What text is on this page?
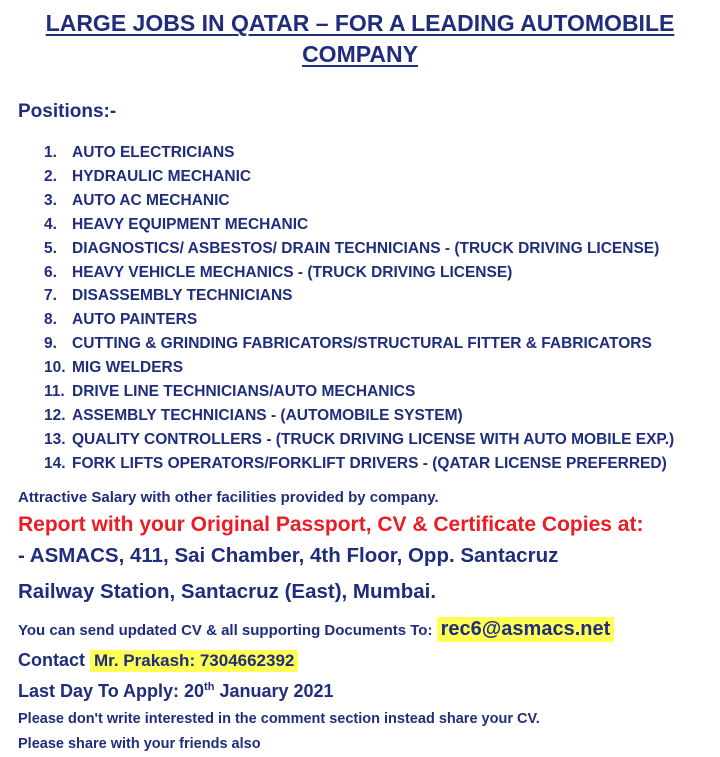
LARGE JOBS IN QATAR – FOR A LEADING AUTOMOBILE
COMPANY
Positions:-
AUTO ELECTRICIANS
HYDRAULIC MECHANIC
AUTO AC MECHANIC
HEAVY EQUIPMENT MECHANIC
DIAGNOSTICS/ ASBESTOS/ DRAIN TECHNICIANS - (TRUCK DRIVING LICENSE)
HEAVY VEHICLE MECHANICS - (TRUCK DRIVING LICENSE)
DISASSEMBLY TECHNICIANS
AUTO PAINTERS
CUTTING & GRINDING FABRICATORS/STRUCTURAL FITTER & FABRICATORS
MIG WELDERS
DRIVE LINE TECHNICIANS/AUTO MECHANICS
ASSEMBLY TECHNICIANS - (AUTOMOBILE SYSTEM)
QUALITY CONTROLLERS - (TRUCK DRIVING LICENSE WITH AUTO MOBILE EXP.)
FORK LIFTS OPERATORS/FORKLIFT DRIVERS - (QATAR LICENSE PREFERRED)
Attractive Salary with other facilities provided by company.
Report with your Original Passport, CV & Certificate Copies at:
- ASMACS, 411, Sai Chamber, 4th Floor, Opp. Santacruz
Railway Station, Santacruz (East), Mumbai.
You can send updated CV & all supporting Documents To: rec6@asmacs.net
Contact Mr. Prakash: 7304662392
Last Day To Apply: 20th January 2021
Please don't write interested in the comment section instead share your CV.
Please share with your friends also
